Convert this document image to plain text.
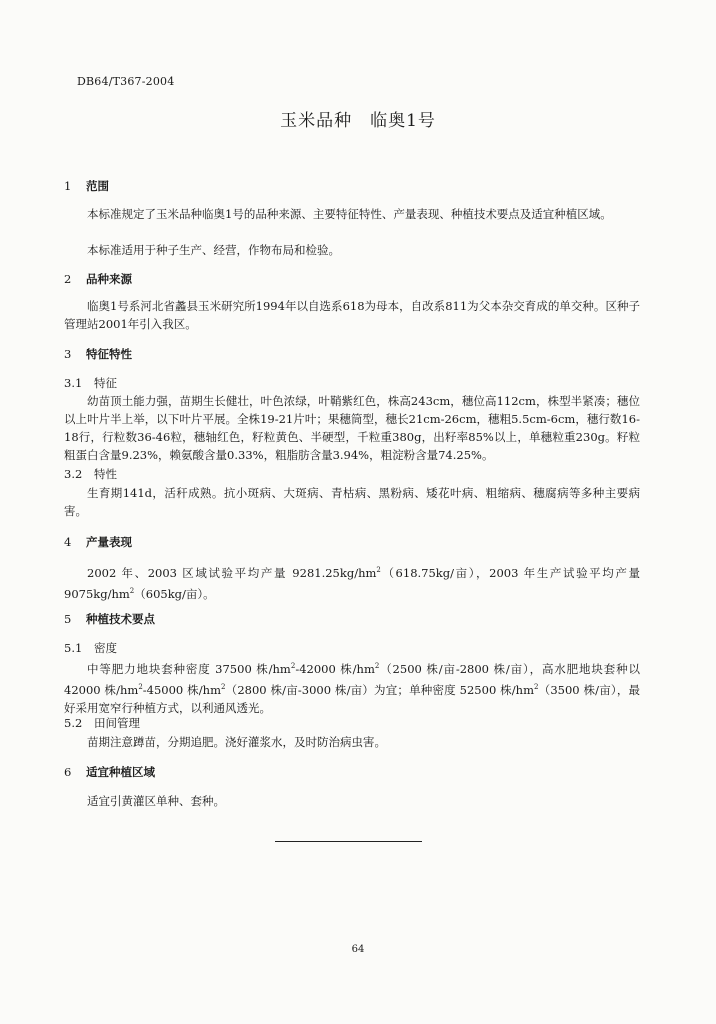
DB64/T367-2004
玉米品种　临奥1号
1 范围
本标准规定了玉米品种临奥1号的品种来源、主要特征特性、产量表现、种植技术要点及适宜种植区域。
本标准适用于种子生产、经营，作物布局和检验。
2 品种来源
临奥1号系河北省蠡县玉米研究所1994年以自选系618为母本，自改系811为父本杂交育成的单交种。区种子管理站2001年引入我区。
3 特征特性
3.1 特征
幼苗顶土能力强，苗期生长健壮，叶色浓绿，叶鞘紫红色，株高243cm，穗位高112cm，株型半紧凑；穗位以上叶片半上举，以下叶片平展。全株19-21片叶；果穗筒型，穗长21cm-26cm，穗粗5.5cm-6cm，穗行数16-18行，行粒数36-46粒，穗轴红色，籽粒黄色、半硬型，千粒重380g，出籽率85%以上，单穗粒重230g。籽粒粗蛋白含量9.23%，赖氨酸含量0.33%，粗脂肪含量3.94%，粗淀粉含量74.25%。
3.2 特性
生育期141d，活秆成熟。抗小斑病、大斑病、青枯病、黑粉病、矮花叶病、粗缩病、穗腐病等多种主要病害。
4 产量表现
2002 年、2003 区域试验平均产量 $9281.25kg/hm^2(618.75kg/$亩），2003 年生产试验平均产量 $9075kg/hm^2(605kg/$亩）。
5 种植技术要点
5.1 密度
中等肥力地块套种密度 37500 株$/hm^2-42000$ 株$/hm^2(2500$ 株/亩-2800 株/亩），高水肥地块套种以 42000 株$/hm^2-45000$ 株$/hm^2(2800$ 株/亩-3000 株/亩）为宜；单种密度 52500 株$/hm^2(3500$ 株/亩），最好采用宽窄行种植方式，以利通风透光。
5.2 田间管理
苗期注意蹲苗，分期追肥。浇好灌浆水，及时防治病虫害。
6 适宜种植区域
适宜引黄灌区单种、套种。
64
